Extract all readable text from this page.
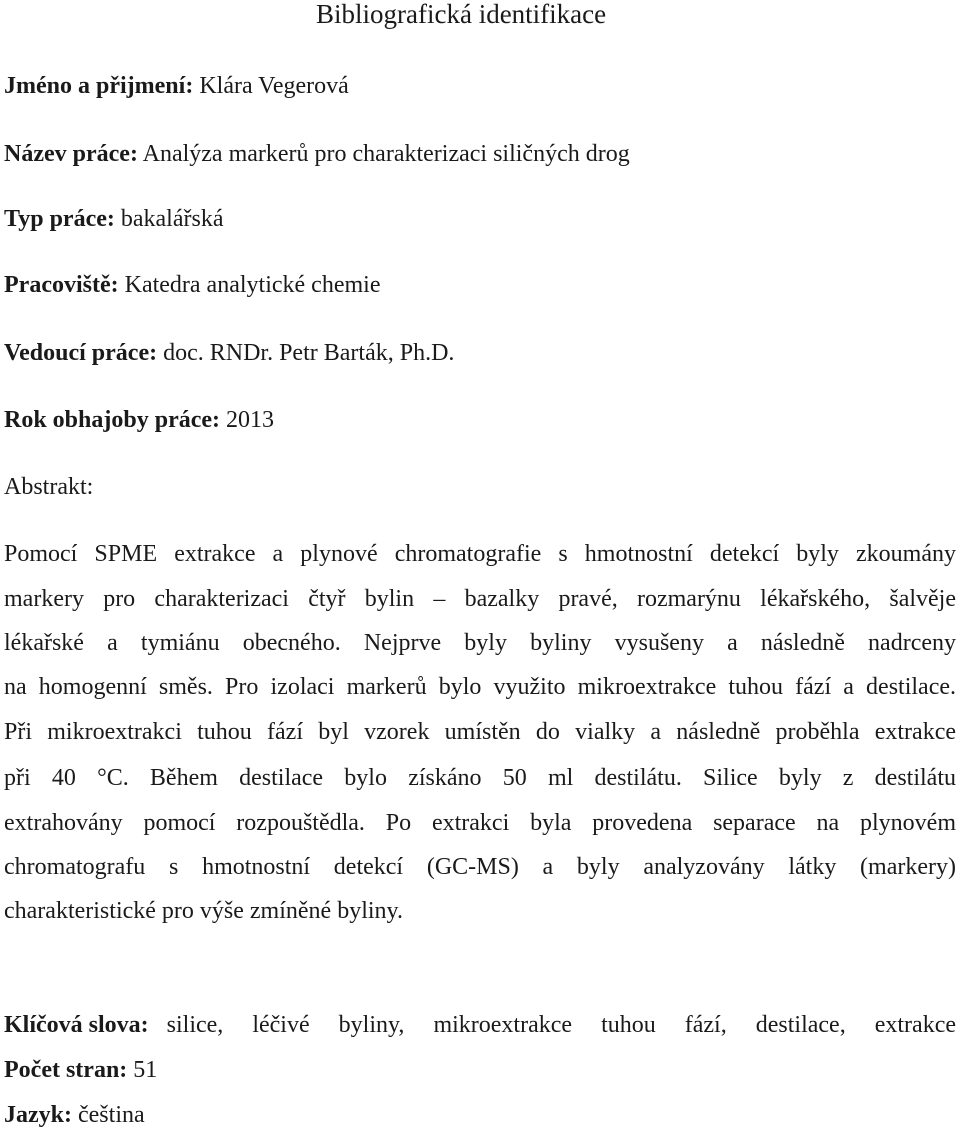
Bibliografická identifikace
Jméno a přijmení: Klára Vegerová
Název práce: Analýza markerů pro charakterizaci siličných drog
Typ práce: bakalářská
Pracoviště: Katedra analytické chemie
Vedoucí práce: doc. RNDr. Petr Barták, Ph.D.
Rok obhajoby práce: 2013
Abstrakt:
Pomocí SPME extrakce a plynové chromatografie s hmotnostní detekcí byly zkoumány
markery pro charakterizaci čtyř bylin – bazalky pravé, rozmarýnu lékařského, šalvěje
lékařské a tymiánu obecného. Nejprve byly byliny vysušeny a následně nadrceny
na homogenní směs. Pro izolaci markerů bylo využito mikroextrakce tuhou fází a destilace.
Při mikroextrakci tuhou fází byl vzorek umístěn do vialky a následně proběhla extrakce
při 40 °C. Během destilace bylo získáno 50 ml destilátu. Silice byly z destilátu
extrahovány pomocí rozpouštědla. Po extrakci byla provedena separace na plynovém
chromatografu s hmotnostní detekcí (GC-MS) a byly analyzovány látky (markery)
charakteristické pro výše zmíněné byliny.
Klíčová slova: silice, léčivé byliny, mikroextrakce tuhou fází, destilace, extrakce
Počet stran: 51
Jazyk: čeština
